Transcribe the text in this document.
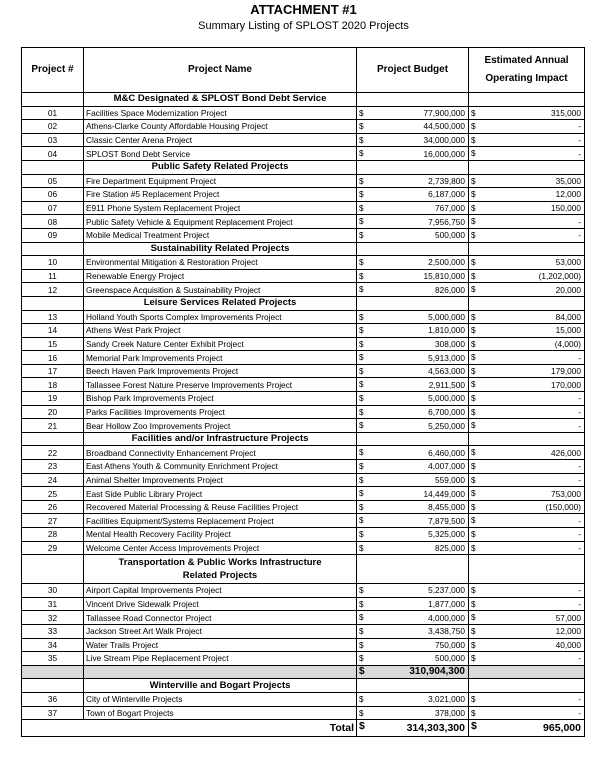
ATTACHMENT #1
Summary Listing of SPLOST 2020 Projects
Project #	Project Name	Project Budget	Estimated Annual
Operating Impact

	M&C Designated & SPLOST Bond Debt Service		
01	Facilities Space Modernization Project	$ 77,900,000	$ 315,000
02	Athens-Clarke County Affordable Housing Project	$ 44,500,000	$ -
03	Classic Center Arena Project	$ 34,000,000	$ -
04	SPLOST Bond Debt Service	$ 16,000,000	$ -
	Public Safety Related Projects		
05	Fire Department Equipment Project	$ 2,739,800	$ 35,000
06	Fire Station #5 Replacement Project	$ 6,187,000	$ 12,000
07	E911 Phone System Replacement Project	$ 767,000	$ 150,000
08	Public Safety Vehicle & Equipment Replacement Project	$ 7,956,750	$ -
09	Mobile Medical Treatment Project	$ 500,000	$ -
	Sustainability Related Projects		
10	Environmental Mitigation & Restoration Project	$ 2,500,000	$ 53,000
11	Renewable Energy Project	$ 15,810,000	$ (1,202,000)
12	Greenspace Acquisition & Sustainability Project	$ 826,000	$ 20,000
	Leisure Services Related Projects		
13	Holland Youth Sports Complex Improvements Project	$ 5,000,000	$ 84,000
14	Athens West Park Project	$ 1,810,000	$ 15,000
15	Sandy Creek Nature Center Exhibit Project	$ 308,000	$ (4,000)
16	Memorial Park Improvements Project	$ 5,913,000	$ -
17	Beech Haven Park Improvements Project	$ 4,563,000	$ 179,000
18	Tallassee Forest Nature Preserve Improvements Project	$ 2,911,500	$ 170,000
19	Bishop Park Improvements Project	$ 5,000,000	$ -
20	Parks Facilities Improvements Project	$ 6,700,000	$ -
21	Bear Hollow Zoo Improvements Project	$ 5,250,000	$ -
	Facilities and/or Infrastructure Projects		
22	Broadband Connectivity Enhancement Project	$ 6,460,000	$ 426,000
23	East Athens Youth & Community Enrichment Project	$ 4,007,000	$ -
24	Animal Shelter Improvements Project	$ 559,000	$ -
25	East Side Public Library Project	$ 14,449,000	$ 753,000
26	Recovered Material Processing & Reuse Facilities Project	$ 8,455,000	$ (150,000)
27	Facilities Equipment/Systems Replacement Project	$ 7,879,500	$ -
28	Mental Health Recovery Facility Project	$ 5,325,000	$ -
29	Welcome Center Access Improvements Project	$ 825,000	$ -

	Transportation & Public Works Infrastructure
Related Projects		

30	Airport Capital Improvements Project	$ 5,237,000	$ -
31	Vincent Drive Sidewalk Project	$ 1,877,000	$ -
32	Tallassee Road Connector Project	$ 4,000,000	$ 57,000
33	Jackson Street Art Walk Project	$ 3,438,750	$ 12,000
34	Water Trails Project	$ 750,000	$ 40,000
35	Live Stream Pipe Replacement Project	$ 500,000	$ -

		$ 310,904,300	
	Winterville and Bogart Projects		
36	City of Winterville Projects	$ 3,021,000	$ -
37	Town of Bogart Projects	$ 378,000	$ -
Total		$ 314,303,300	$ 965,000
